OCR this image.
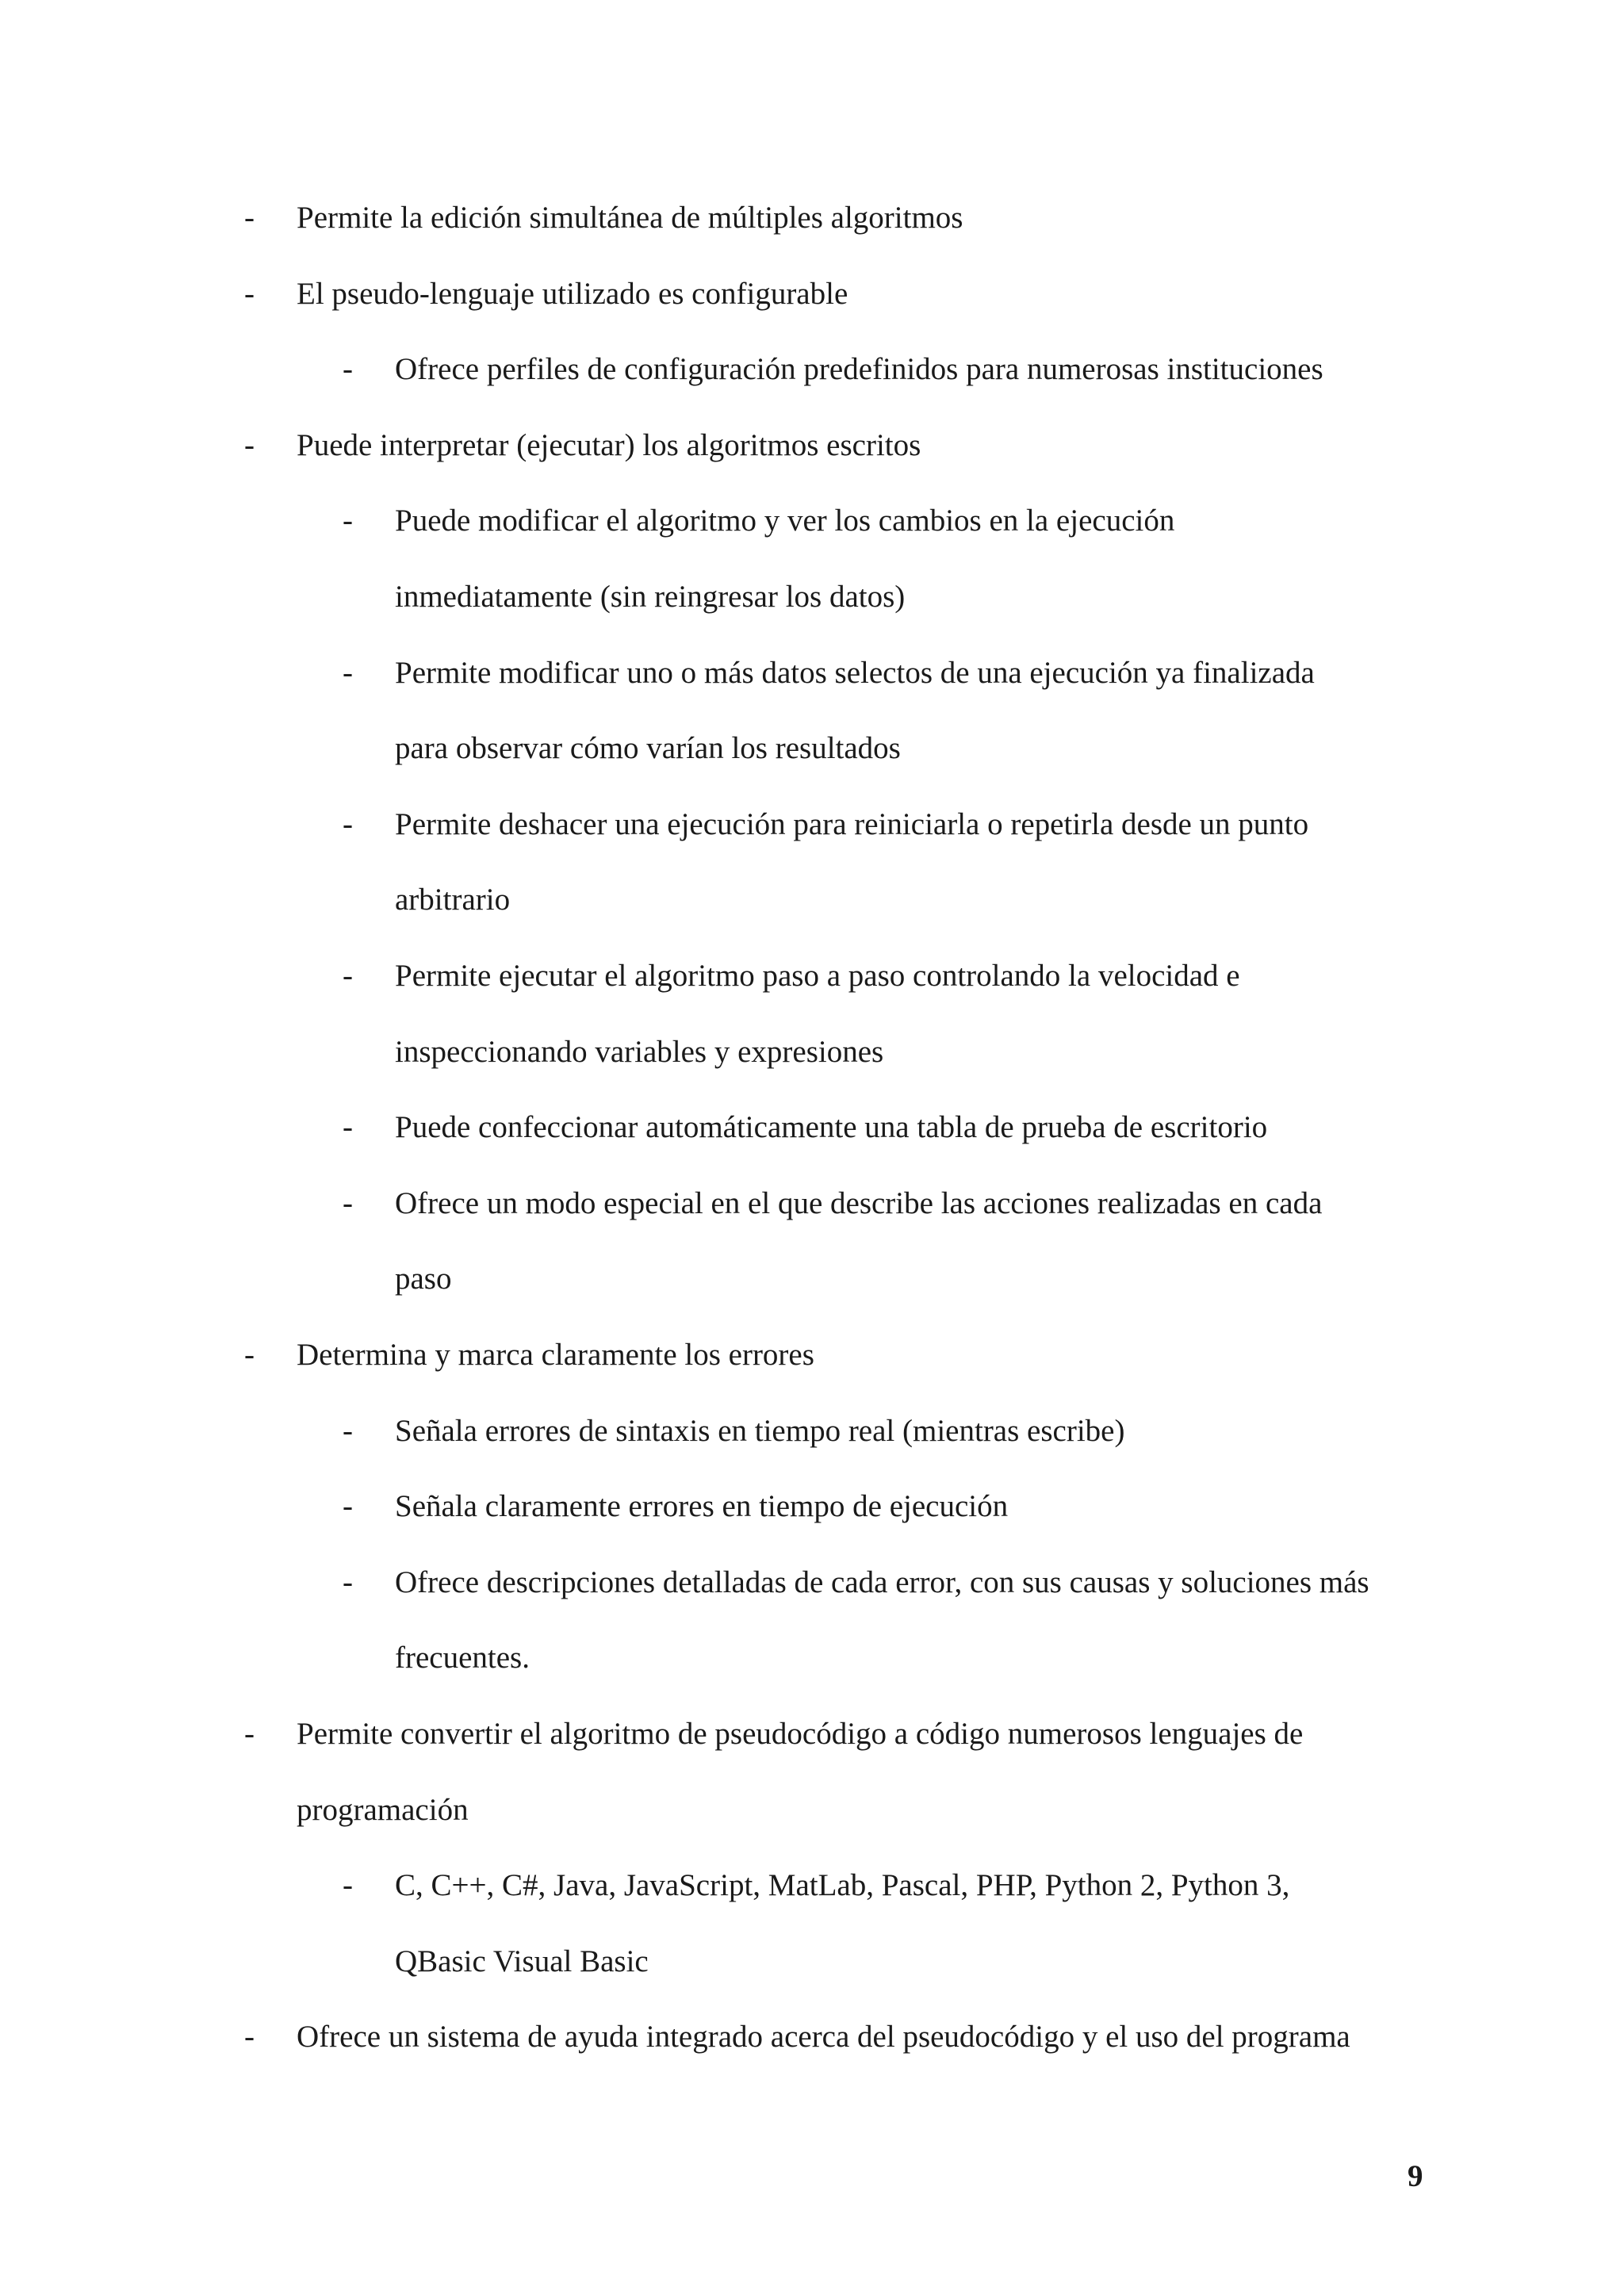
- Permite la edición simultánea de múltiples algoritmos
- El pseudo-lenguaje utilizado es configurable
- Ofrece perfiles de configuración predefinidos para numerosas instituciones
- Puede interpretar (ejecutar) los algoritmos escritos
- Puede modificar el algoritmo y ver los cambios en la ejecución
inmediatamente (sin reingresar los datos)
- Permite modificar uno o más datos selectos de una ejecución ya finalizada
para observar cómo varían los resultados
- Permite deshacer una ejecución para reiniciarla o repetirla desde un punto
arbitrario
- Permite ejecutar el algoritmo paso a paso controlando la velocidad e
inspeccionando variables y expresiones
- Puede confeccionar automáticamente una tabla de prueba de escritorio
- Ofrece un modo especial en el que describe las acciones realizadas en cada
paso
- Determina y marca claramente los errores
- Señala errores de sintaxis en tiempo real (mientras escribe)
- Señala claramente errores en tiempo de ejecución
- Ofrece descripciones detalladas de cada error, con sus causas y soluciones más
frecuentes.
- Permite convertir el algoritmo de pseudocódigo a código numerosos lenguajes de
programación
- C, C++, C#, Java, JavaScript, MatLab, Pascal, PHP, Python 2, Python 3,
QBasic Visual Basic
- Ofrece un sistema de ayuda integrado acerca del pseudocódigo y el uso del programa
9
